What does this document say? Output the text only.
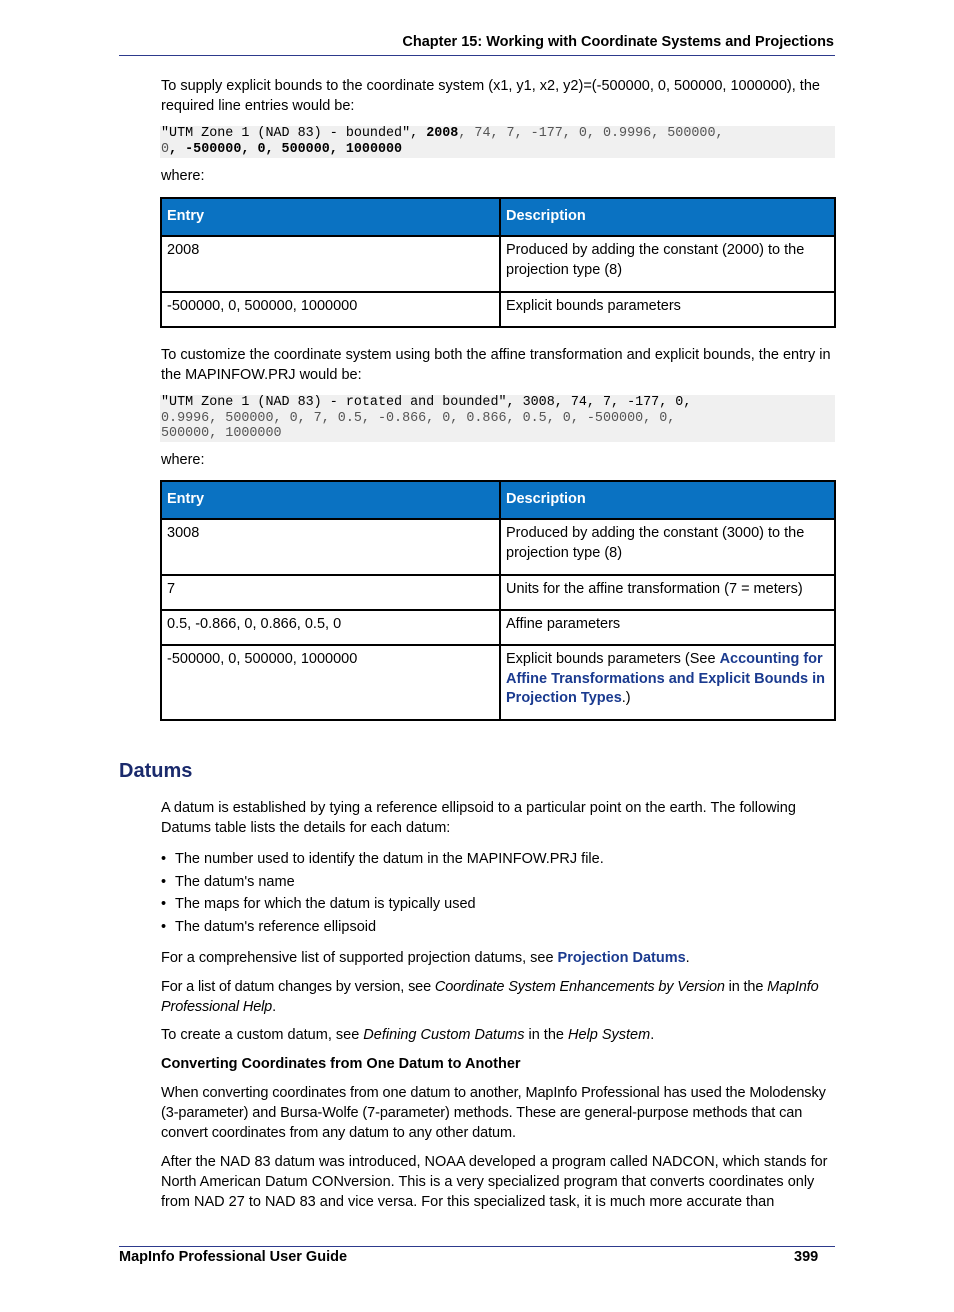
Chapter 15: Working with Coordinate Systems and Projections
To supply explicit bounds to the coordinate system (x1, y1, x2, y2)=(-500000, 0, 500000, 1000000), the required line entries would be:
"UTM Zone 1 (NAD 83) - bounded", 2008, 74, 7, -177, 0, 0.9996, 500000,
0, -500000, 0, 500000, 1000000
where:
Entry	Description
2008	Produced by adding the constant (2000) to the projection type (8)
-500000, 0, 500000, 1000000	Explicit bounds parameters
To customize the coordinate system using both the affine transformation and explicit bounds, the entry in the MAPINFOW.PRJ would be:
"UTM Zone 1 (NAD 83) - rotated and bounded", 3008, 74, 7, -177, 0,
0.9996, 500000, 0, 7, 0.5, -0.866, 0, 0.866, 0.5, 0, -500000, 0,
500000, 1000000
where:
Entry	Description
3008	Produced by adding the constant (3000) to the projection type (8)
7	Units for the affine transformation (7 = meters)
0.5, -0.866, 0, 0.866, 0.5, 0	Affine parameters
-500000, 0, 500000, 1000000	Explicit bounds parameters (See Accounting for Affine Transformations and Explicit Bounds in Projection Types.)
Datums
A datum is established by tying a reference ellipsoid to a particular point on the earth. The following Datums table lists the details for each datum:
• The number used to identify the datum in the MAPINFOW.PRJ file.
• The datum's name
• The maps for which the datum is typically used
• The datum's reference ellipsoid
For a comprehensive list of supported projection datums, see Projection Datums.
For a list of datum changes by version, see Coordinate System Enhancements by Version in the MapInfo Professional Help.
To create a custom datum, see Defining Custom Datums in the Help System.
Converting Coordinates from One Datum to Another
When converting coordinates from one datum to another, MapInfo Professional has used the Molodensky (3-parameter) and Bursa-Wolfe (7-parameter) methods. These are general-purpose methods that can convert coordinates from any datum to any other datum.
After the NAD 83 datum was introduced, NOAA developed a program called NADCON, which stands for North American Datum CONversion. This is a very specialized program that converts coordinates only from NAD 27 to NAD 83 and vice versa. For this specialized task, it is much more accurate than
MapInfo Professional User Guide	399
